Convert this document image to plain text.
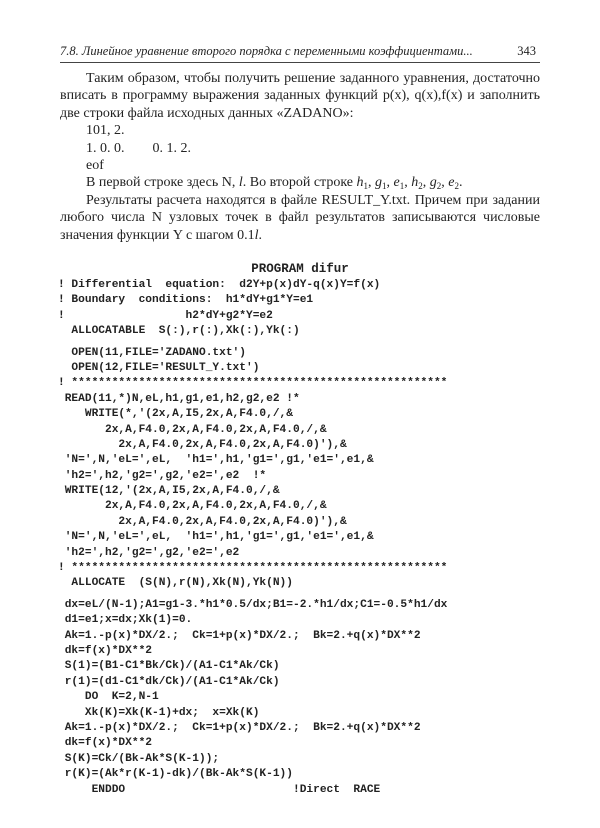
7.8. Линейное уравнение второго порядка с переменными коэффициентами...	343

Таким образом, чтобы получить решение заданного уравнения, достаточно вписать в программу выражения заданных функций p(x), q(x),f(x) и заполнить две строки файла исходных данных «ZADANO»:

101, 2.

1. 0. 0. 0. 1. 2.

eof

В первой строке здесь N, l. Во второй строке $h_1$, $g_1$, $e_1$, $h_2$, $g_2$, $e_2$.

Результаты расчета находятся в файле RESULT_Y.txt. Причем при задании любого числа N узловых точек в файл результатов записываются числовые значения функции Y с шагом 0.1l.

PROGRAM difur
! Differential  equation:  d2Y+p(x)dY-q(x)Y=f(x)
! Boundary  conditions:  h1*dY+g1*Y=e1
!                  h2*dY+g2*Y=e2
ALLOCATABLE  S(:),r(:),Xk(:),Yk(:)
OPEN(11,FILE='ZADANO.txt')
OPEN(12,FILE='RESULT_Y.txt')
! ********************************************************
READ(11,*)N,eL,h1,g1,e1,h2,g2,e2 !*
WRITE(*,'(2x,A,I5,2x,A,F4.0,/,&
2x,A,F4.0,2x,A,F4.0,2x,A,F4.0,/,&
2x,A,F4.0,2x,A,F4.0,2x,A,F4.0)'),&
'N=',N,'eL=',eL,  'h1=',h1,'g1=',g1,'e1=',e1,&
'h2=',h2,'g2=',g2,'e2=',e2  !*
WRITE(12,'(2x,A,I5,2x,A,F4.0,/,&
2x,A,F4.0,2x,A,F4.0,2x,A,F4.0,/,&
2x,A,F4.0,2x,A,F4.0,2x,A,F4.0)'),&
'N=',N,'eL=',eL,  'h1=',h1,'g1=',g1,'e1=',e1,&
'h2=',h2,'g2=',g2,'e2=',e2
! ********************************************************
ALLOCATE  (S(N),r(N),Xk(N),Yk(N))
dx=eL/(N-1);A1=g1-3.*h1*0.5/dx;B1=-2.*h1/dx;C1=-0.5*h1/dx
d1=e1;x=dx;Xk(1)=0.
Ak=1.-p(x)*DX/2.;  Ck=1+p(x)*DX/2.;  Bk=2.+q(x)*DX**2
dk=f(x)*DX**2
S(1)=(B1-C1*Bk/Ck)/(A1-C1*Ak/Ck)
r(1)=(d1-C1*dk/Ck)/(A1-C1*Ak/Ck)
DO  K=2,N-1
Xk(K)=Xk(K-1)+dx;  x=Xk(K)
Ak=1.-p(x)*DX/2.;  Ck=1+p(x)*DX/2.;  Bk=2.+q(x)*DX**2
dk=f(x)*DX**2
S(K)=Ck/(Bk-Ak*S(K-1));
r(K)=(Ak*r(K-1)-dk)/(Bk-Ak*S(K-1))
ENDDO                         !Direct  RACE
